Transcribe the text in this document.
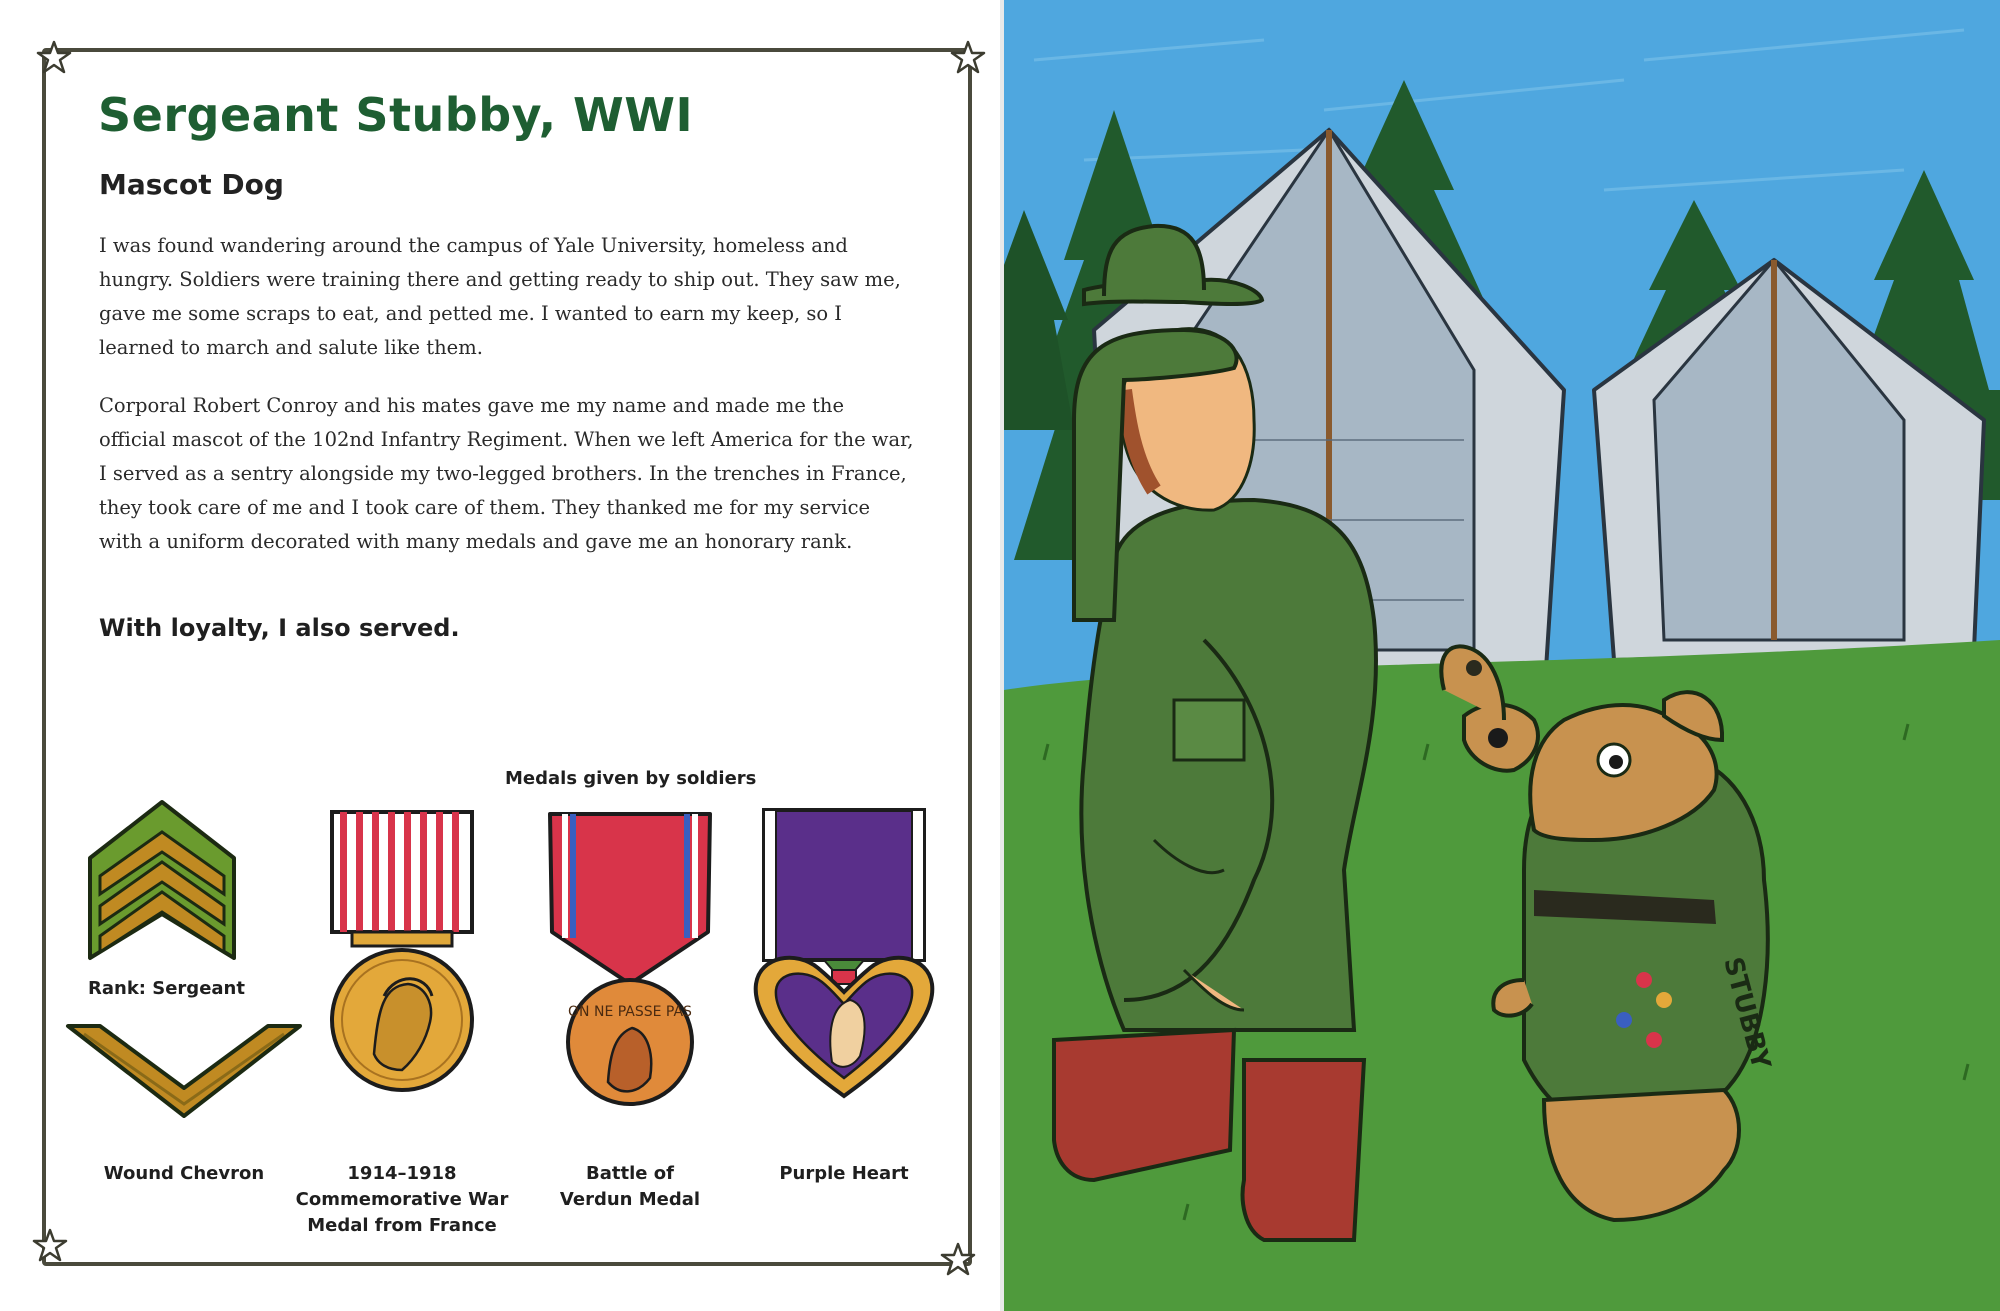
Sergeant Stubby, WWI
Mascot Dog

I was found wandering around the campus of Yale University, homeless and hungry. Soldiers were training there and getting ready to ship out. They saw me, gave me some scraps to eat, and petted me. I wanted to earn my keep, so I learned to march and salute like them.

Corporal Robert Conroy and his mates gave me my name and made me the official mascot of the 102nd Infantry Regiment. When we left America for the war, I served as a sentry alongside my two-legged brothers. In the trenches in France, they took care of me and I took care of them. They thanked me for my service with a uniform decorated with many medals and gave me an honorary rank.

With loyalty, I also served.

Medals given by soldiers
Rank: Sergeant
Wound Chevron	1914–1918
Commemorative War
Medal from France
ON NE PASSE PAS
Battle of
Verdun Medal
Purple Heart
STUBBY
